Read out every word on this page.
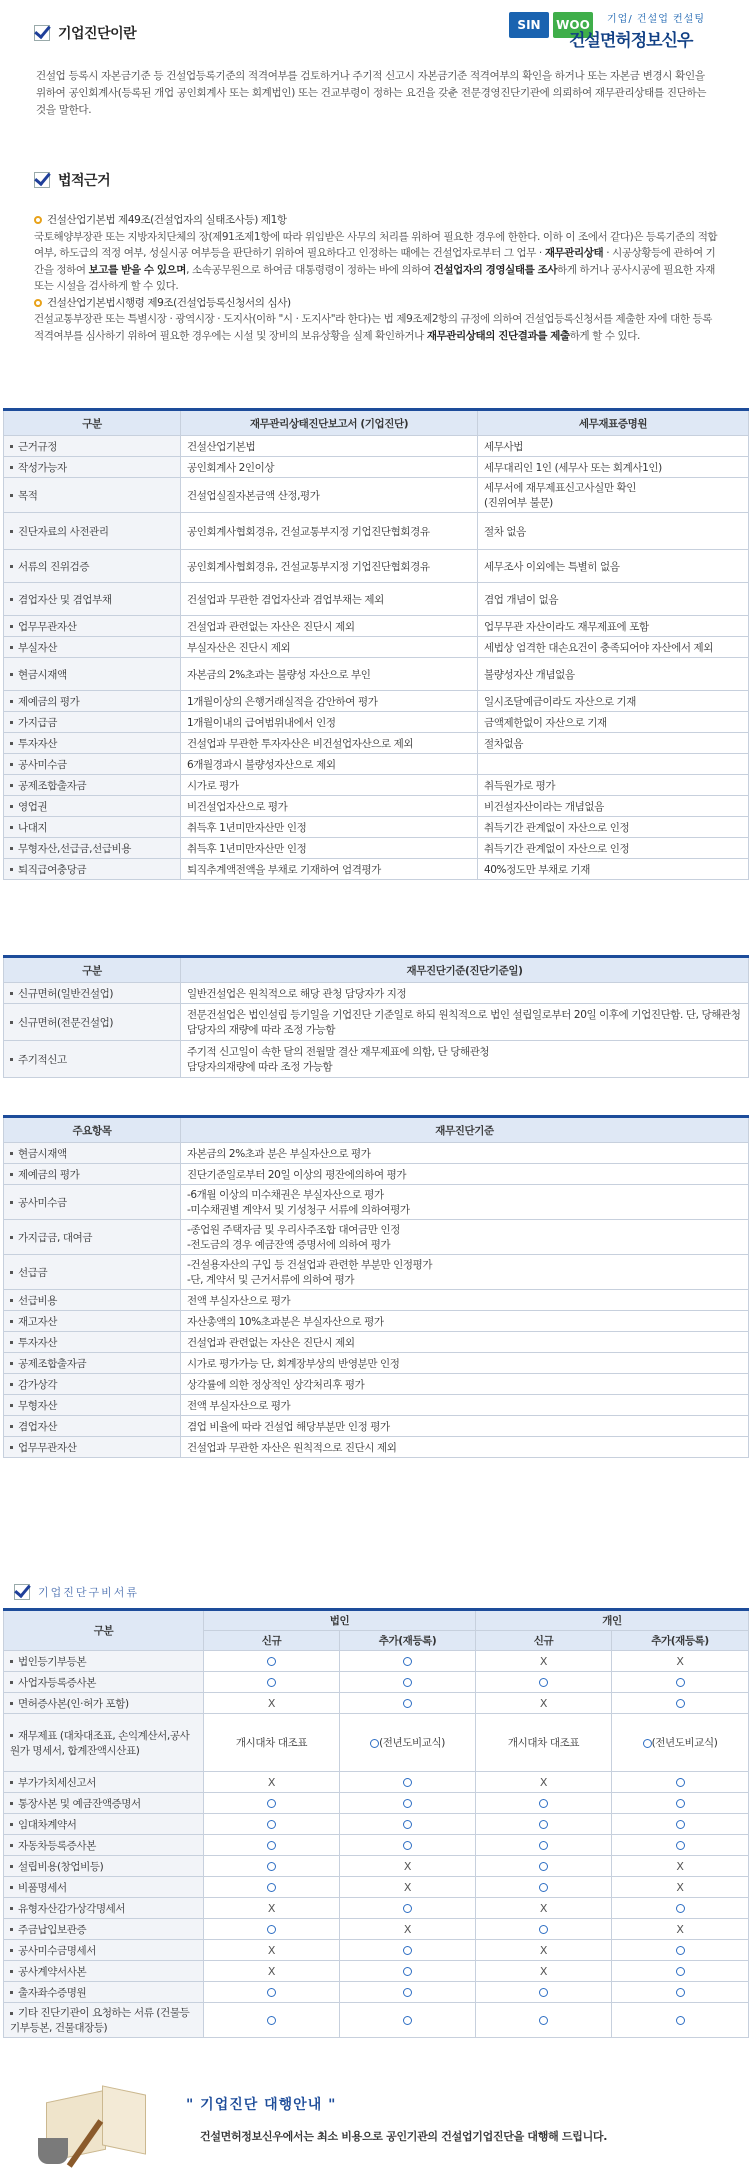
SIN	WOO	기업/ 건설업 컨설팅
건설면허정보신우
기업진단이란
건설업 등록시 자본금기준 등 건설업등록기준의 적격여부를 검토하거나 주기적 신고시 자본금기준 적격여부의 확인을 하거나 또는 자본금 변경시 확인을 위하여 공인회계사(등록된 개업 공인회계사 또는 회계법인) 또는 건교부령이 정하는 요건을 갖춘 전문경영진단기관에 의뢰하여 재무관리상태를 진단하는 것을 말한다.
법적근거
건설산업기본법 제49조(건설업자의 실태조사등) 제1항
국토해양부장관 또는 지방자치단체의 장(제91조제1항에 따라 위임받은 사무의 처리를 위하여 필요한 경우에 한한다. 이하 이 조에서 같다)은 등록기준의 적합 여부, 하도급의 적정 여부, 성실시공 여부등을 판단하기 위하여 필요하다고 인정하는 때에는 건설업자로부터 그 업무 · 재무관리상태 · 시공상황등에 관하여 기간을 정하여 보고를 받을 수 있으며, 소속공무원으로 하여금 대통령령이 정하는 바에 의하여 건설업자의 경영실태를 조사하게 하거나 공사시공에 필요한 자재 또는 시설을 검사하게 할 수 있다.
건설산업기본법시행령 제9조(건설업등록신청서의 심사)
건설교통부장관 또는 특별시장 · 광역시장 · 도지사(이하 "시 · 도지사"라 한다)는 법 제9조제2항의 규정에 의하여 건설업등록신청서를 제출한 자에 대한 등록적격여부를 심사하기 위하여 필요한 경우에는 시설 및 장비의 보유상황을 실제 확인하거나 재무관리상태의 진단결과를 제출하게 할 수 있다.
구분	재무관리상태진단보고서 (기업진단)	세무재표증명원
근거규정	건설산업기본법	세무사법
작성가능자	공인회계사 2인이상	세무대리인 1인 (세무사 또는 회계사1인)
목적	건설업실질자본금액 산정,평가	세무서에 재무제표신고사실만 확인
(진위여부 불문)
진단자료의 사전관리	공인회계사협회경유, 건설교통부지정 기업진단협회경유	절차 없음
서류의 진위검증	공인회계사협회경유, 건설교통부지정 기업진단협회경유	세무조사 이외에는 특별히 없음
겸업자산 및 겸업부채	건설업과 무관한 겸업자산과 겸업부채는 제외	겸업 개념이 없음
업무무관자산	건설업과 관련없는 자산은 진단시 제외	업무무관 자산이라도 재무제표에 포함
부실자산	부실자산은 진단시 제외	세법상 엄격한 대손요건이 충족되어야 자산에서 제외
현금시재액	자본금의 2%초과는 불량성 자산으로 부인	불량성자산 개념없음
제예금의 평가	1개월이상의 은행거래실적을 감안하여 평가	일시조달예금이라도 자산으로 기재
가지급금	1개월이내의 급여범위내에서 인정	금액제한없이 자산으로 기재
투자자산	건설업과 무관한 투자자산은 비건설업자산으로 제외	절차없음
공사미수금	6개월경과시 불량성자산으로 제외	
공제조합출자금	시가로 평가	취득원가로 평가
영업권	비건설업자산으로 평가	비건설자산이라는 개념없음
나대지	취득후 1년미만자산만 인정	취득기간 관계없이 자산으로 인정
무형자산,선급금,선급비용	취득후 1년미만자산만 인정	취득기간 관계없이 자산으로 인정
퇴직급여충당금	퇴직추계액전액을 부채로 기재하여 엄격평가	40%정도만 부채로 기재
구분	재무진단기준(진단기준일)
신규면허(일반건설업)	일반건설업은 원칙적으로 해당 관청 담당자가 지정
신규면허(전문건설업)	전문건설업은 법인설립 등기일을 기업진단 기준일로 하되 원칙적으로 법인 설립일로부터 20일 이후에 기업진단함. 단, 당해관청 담당자의 재량에 따라 조정 가능함
주기적신고	주기적 신고일이 속한 달의 전월말 결산 재무제표에 의함, 단 당해관청
담당자의재량에 따라 조정 가능함
주요항목	재무진단기준
현금시재액	자본금의 2%초과 분은 부실자산으로 평가
제예금의 평가	진단기준일로부터 20일 이상의 평잔에의하여 평가
공사미수금	-6개월 이상의 미수채권은 부실자산으로 평가
-미수채권별 계약서 및 기성청구 서류에 의하여평가
가지급금, 대여금	-종업원 주택자금 및 우리사주조합 대여금만 인정
-전도금의 경우 예금잔액 증명서에 의하여 평가
선급금	-건설용자산의 구입 등 건설업과 관련한 부분만 인정평가
-단, 계약서 및 근거서류에 의하여 평가
선급비용	전액 부실자산으로 평가
재고자산	자산총액의 10%초과분은 부실자산으로 평가
투자자산	건설업과 관련없는 자산은 진단시 제외
공제조합출자금	시가로 평가가능 단, 회계장부상의 반영분만 인정
감가상각	상각률에 의한 정상적인 상각처리후 평가
무형자산	전액 부실자산으로 평가
겸업자산	겸업 비율에 따라 건설업 해당부분만 인정 평가
업무무관자산	건설업과 무관한 자산은 원칙적으로 진단시 제외
기업진단구비서류
구분	법인		개인	
	신규	추가(재등록)	신규	추가(재등록)
법인등기부등본			X	X
사업자등록증사본				
면허증사본(인·허가 포함)	X		X	
재무제표 (대차대조표, 손익계산서,공사원가 명세서, 합계잔액시산표)	개시대차 대조표	(전년도비교식)	개시대차 대조표	(전년도비교식)
부가가치세신고서	X		X	
통장사본 및 예금잔액증명서				
임대차계약서				
자동차등록증사본				
설립비용(창업비등)		X		X
비품명세서		X		X
유형자산감가상각명세서	X		X	
주금납입보관증		X		X
공사미수금명세서	X		X	
공사계약서사본	X		X	
출자좌수증명원				
기타 진단기관이 요청하는 서류 (건물등기부등본, 건물대장등)				
" 기업진단 대행안내 "
건설면허정보신우에서는 최소 비용으로 공인기관의 건설업기업진단을 대행해 드립니다.
